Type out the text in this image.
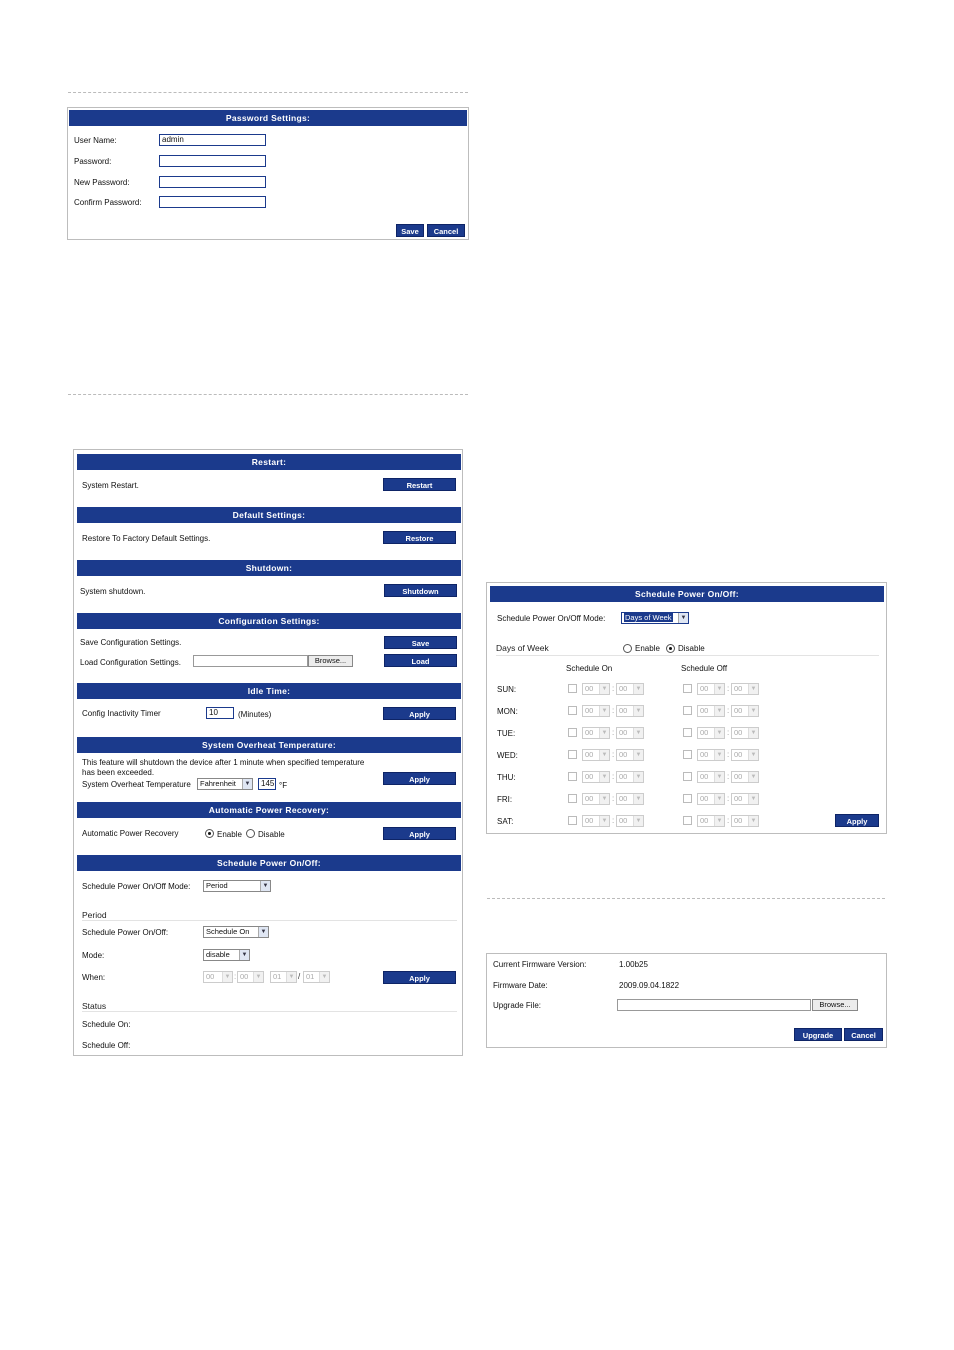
Password Settings:
User Name:	admin
Password:
New Password:
Confirm Password:
Save	Cancel
Restart:
System Restart.	Restart
Default Settings:
Restore To Factory Default Settings.	Restore
Shutdown:
System shutdown.	Shutdown
Configuration Settings:
Save Configuration Settings.	Save
Load Configuration Settings.	Browse...	Load
Idle Time:
Config Inactivity Timer	10	(Minutes)	Apply
System Overheat Temperature:
This feature will shutdown the device after 1 minute when specified temperature
has been exceeded.
System Overheat Temperature	Fahrenheit	▼	145 °F
Apply
Automatic Power Recovery:
Automatic Power Recovery	Enable Disable	Apply
Schedule Power On/Off:
Schedule Power On/Off Mode:	Period	▼
Period
Schedule Power On/Off:	Schedule On	▼
Mode:	disable	▼
When:	00	▼ : 00	▼	01	▼ / 01	▼	Apply
Status
Schedule On:
Schedule Off:
Schedule Power On/Off:
Schedule Power On/Off Mode:	Days of Week	▼
Days of Week	Enable Disable
Schedule On	Schedule Off
SUN:	00	▼ : 00	▼	00	▼ : 00	▼
MON:	00	▼ : 00	▼	00	▼ : 00	▼
TUE:	00	▼ : 00	▼	00	▼ : 00	▼
WED:	00	▼ : 00	▼	00	▼ : 00	▼
THU:	00	▼ : 00	▼	00	▼ : 00	▼
FRI:	00	▼ : 00	▼	00	▼ : 00	▼
SAT:	00	▼ : 00	▼	00	▼ : 00	▼	Apply
Current Firmware Version:	1.00b25
Firmware Date:	2009.09.04.1822
Upgrade File:	Browse...
Upgrade	Cancel
